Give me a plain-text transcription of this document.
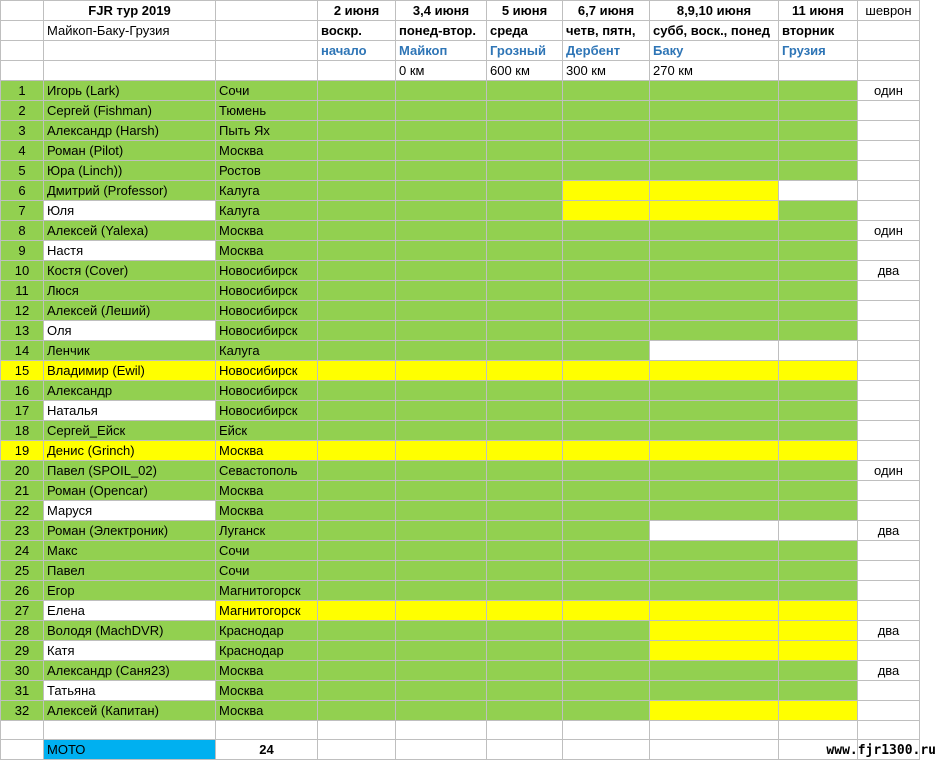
	FJR тур 2019		2 июня	3,4 июня	5 июня	6,7 июня	8,9,10 июня	11 июня	шеврон
	Майкоп-Баку-Грузия		воскр.	понед-втор.	среда	четв, пятн,	субб, воск., понед	вторник	
			начало	Майкоп	Грозный	Дербент	Баку	Грузия	
				0 км	600 км	300 км	270 км		
1	Игорь (Lark)	Сочи							один
2	Сергей (Fishman)	Тюмень							
3	Александр (Harsh)	Пыть Ях							
4	Роман (Pilot)	Москва							
5	Юра (Linch))	Ростов							
6	Дмитрий (Professor)	Калуга							
7	Юля	Калуга							
8	Алексей (Yalexa)	Москва							один
9	Настя	Москва							
10	Костя (Cover)	Новосибирск							два
11	Люся	Новосибирск							
12	Алексей (Леший)	Новосибирск							
13	Оля	Новосибирск							
14	Ленчик	Калуга							
15	Владимир (Ewil)	Новосибирск							
16	Александр	Новосибирск							
17	Наталья	Новосибирск							
18	Сергей_Ейск	Ейск							
19	Денис (Grinch)	Москва							
20	Павел (SPOIL_02)	Севастополь							один
21	Роман (Opencar)	Москва							
22	Маруся	Москва							
23	Роман (Электроник)	Луганск							два
24	Макс	Сочи							
25	Павел	Сочи							
26	Егор	Магнитогорск							
27	Елена	Магнитогорск							
28	Володя (MachDVR)	Краснодар							два
29	Катя	Краснодар							
30	Александр (Саня23)	Москва							два
31	Татьяна	Москва							
32	Алексей (Капитан)	Москва							

	МОТО	24								www.fjr1300.ru
